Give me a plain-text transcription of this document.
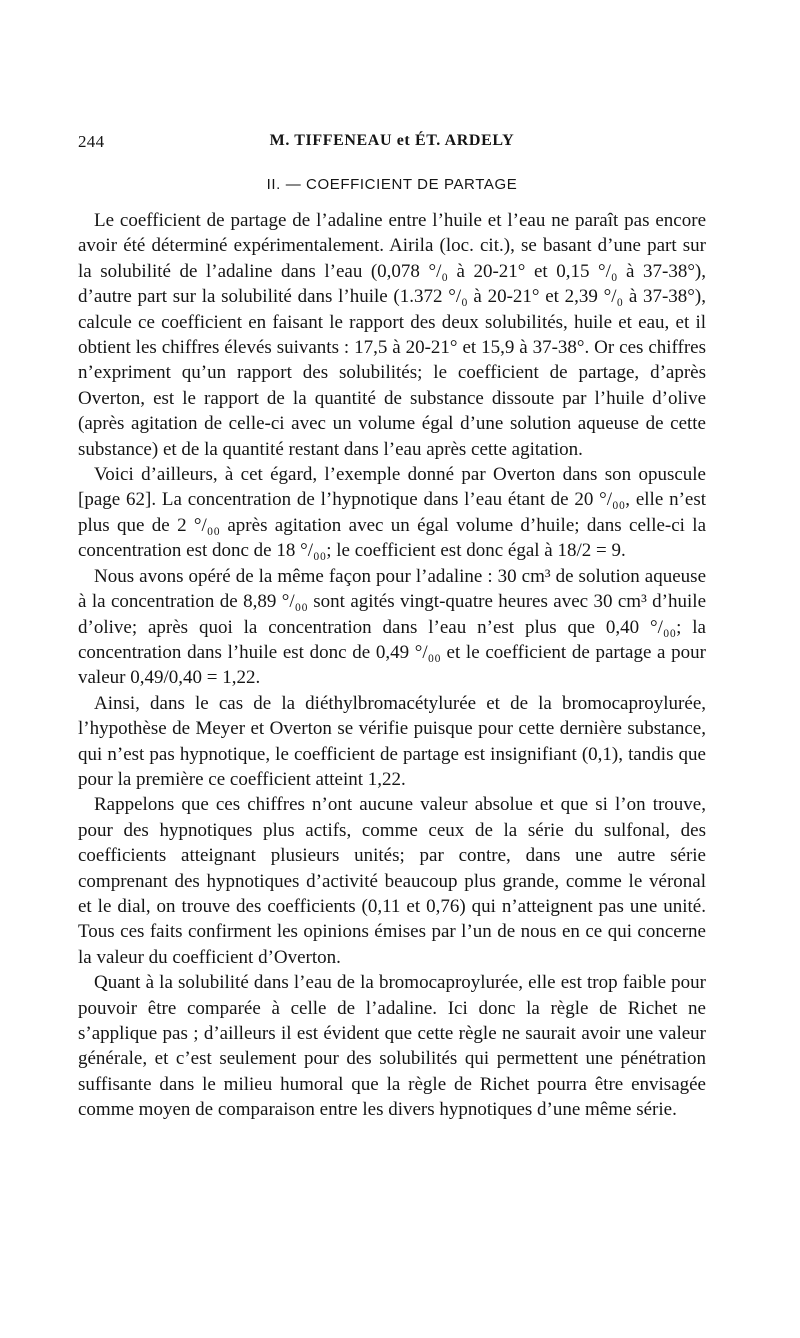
244	M. TIFFENEAU et ÉT. ARDELY
II. — COEFFICIENT DE PARTAGE

Le coefficient de partage de l’adaline entre l’huile et l’eau ne paraît pas encore avoir été déterminé expérimentalement. Airila (loc. cit.), se basant d’une part sur la solubilité de l’adaline dans l’eau (0,078 °/₀ à 20-21° et 0,15 °/₀ à 37-38°), d’autre part sur la solubilité dans l’huile (1.372 °/₀ à 20-21° et 2,39 °/₀ à 37-38°), calcule ce coefficient en faisant le rapport des deux solubilités, huile et eau, et il obtient les chiffres élevés suivants : 17,5 à 20-21° et 15,9 à 37-38°. Or ces chiffres n’expriment qu’un rapport des solubilités; le coefficient de partage, d’après Overton, est le rapport de la quantité de substance dissoute par l’huile d’olive (après agitation de celle-ci avec un volume égal d’une solution aqueuse de cette substance) et de la quantité restant dans l’eau après cette agitation.

Voici d’ailleurs, à cet égard, l’exemple donné par Overton dans son opuscule [page 62]. La concentration de l’hypnotique dans l’eau étant de 20 °/₀₀, elle n’est plus que de 2 °/₀₀ après agitation avec un égal volume d’huile; dans celle-ci la concentration est donc de 18 °/₀₀; le coefficient est donc égal à 18/2 = 9.

Nous avons opéré de la même façon pour l’adaline : 30 cm³ de solution aqueuse à la concentration de 8,89 °/₀₀ sont agités vingt-quatre heures avec 30 cm³ d’huile d’olive; après quoi la concentration dans l’eau n’est plus que 0,40 °/₀₀; la concentration dans l’huile est donc de 0,49 °/₀₀ et le coefficient de partage a pour valeur 0,49/0,40 = 1,22.

Ainsi, dans le cas de la diéthylbromacétylurée et de la bromocaproylurée, l’hypothèse de Meyer et Overton se vérifie puisque pour cette dernière substance, qui n’est pas hypnotique, le coefficient de partage est insignifiant (0,1), tandis que pour la première ce coefficient atteint 1,22.

Rappelons que ces chiffres n’ont aucune valeur absolue et que si l’on trouve, pour des hypnotiques plus actifs, comme ceux de la série du sulfonal, des coefficients atteignant plusieurs unités; par contre, dans une autre série comprenant des hypnotiques d’activité beaucoup plus grande, comme le véronal et le dial, on trouve des coefficients (0,11 et 0,76) qui n’atteignent pas une unité. Tous ces faits confirment les opinions émises par l’un de nous en ce qui concerne la valeur du coefficient d’Overton.

Quant à la solubilité dans l’eau de la bromocaproylurée, elle est trop faible pour pouvoir être comparée à celle de l’adaline. Ici donc la règle de Richet ne s’applique pas ; d’ailleurs il est évident que cette règle ne saurait avoir une valeur générale, et c’est seulement pour des solubilités qui permettent une pénétration suffisante dans le milieu humoral que la règle de Richet pourra être envisagée comme moyen de comparaison entre les divers hypnotiques d’une même série.
